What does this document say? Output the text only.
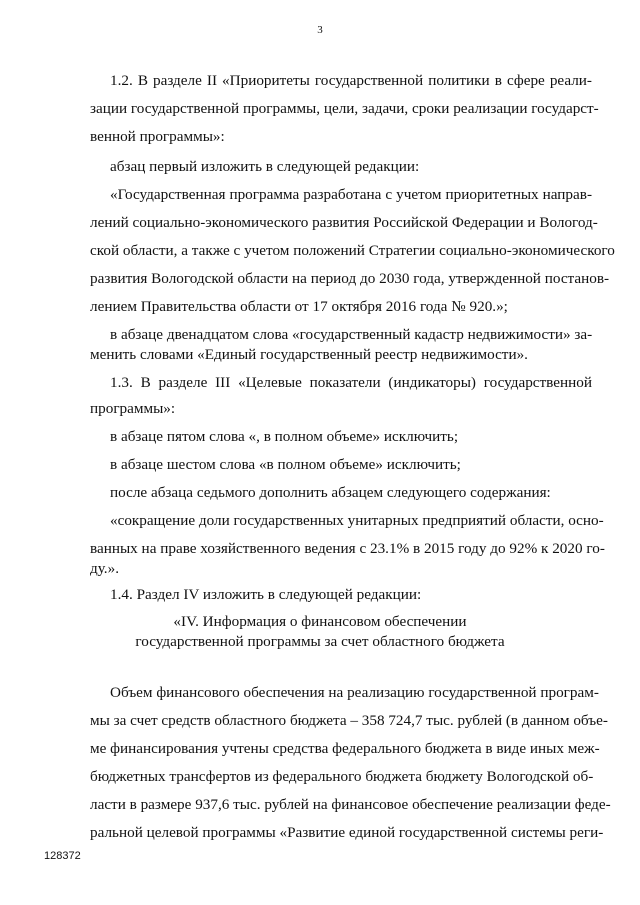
3
1.2. В разделе II «Приоритеты государственной политики в сфере реали-
зации государственной программы, цели, задачи, сроки реализации государст-
венной программы»:
абзац первый изложить в следующей редакции:
«Государственная программа разработана с учетом приоритетных направ-
лений социально-экономического развития Российской Федерации и Вологод-
ской области, а также с учетом положений Стратегии социально-экономического
развития Вологодской области на период до 2030 года, утвержденной постанов-
лением Правительства области от 17 октября 2016 года № 920.»;
в абзаце двенадцатом слова «государственный кадастр недвижимости» за-
менить словами «Единый государственный реестр недвижимости».
1.3. В разделе III «Целевые показатели (индикаторы) государственной
программы»:
в абзаце пятом слова «, в полном объеме» исключить;
в абзаце шестом слова «в полном объеме» исключить;
после абзаца седьмого дополнить абзацем следующего содержания:
«сокращение доли государственных унитарных предприятий области, осно-
ванных на праве хозяйственного ведения с 23.1% в 2015 году до 92% к 2020 го-
ду.».
1.4. Раздел IV изложить в следующей редакции:
«IV. Информация о финансовом обеспечении
государственной программы за счет областного бюджета
Объем финансового обеспечения на реализацию государственной програм-
мы за счет средств областного бюджета – 358 724,7 тыс. рублей (в данном объе-
ме финансирования учтены средства федерального бюджета в виде иных меж-
бюджетных трансфертов из федерального бюджета бюджету Вологодской об-
ласти в размере 937,6 тыс. рублей на финансовое обеспечение реализации феде-
ральной целевой программы «Развитие единой государственной системы реги-
128372
